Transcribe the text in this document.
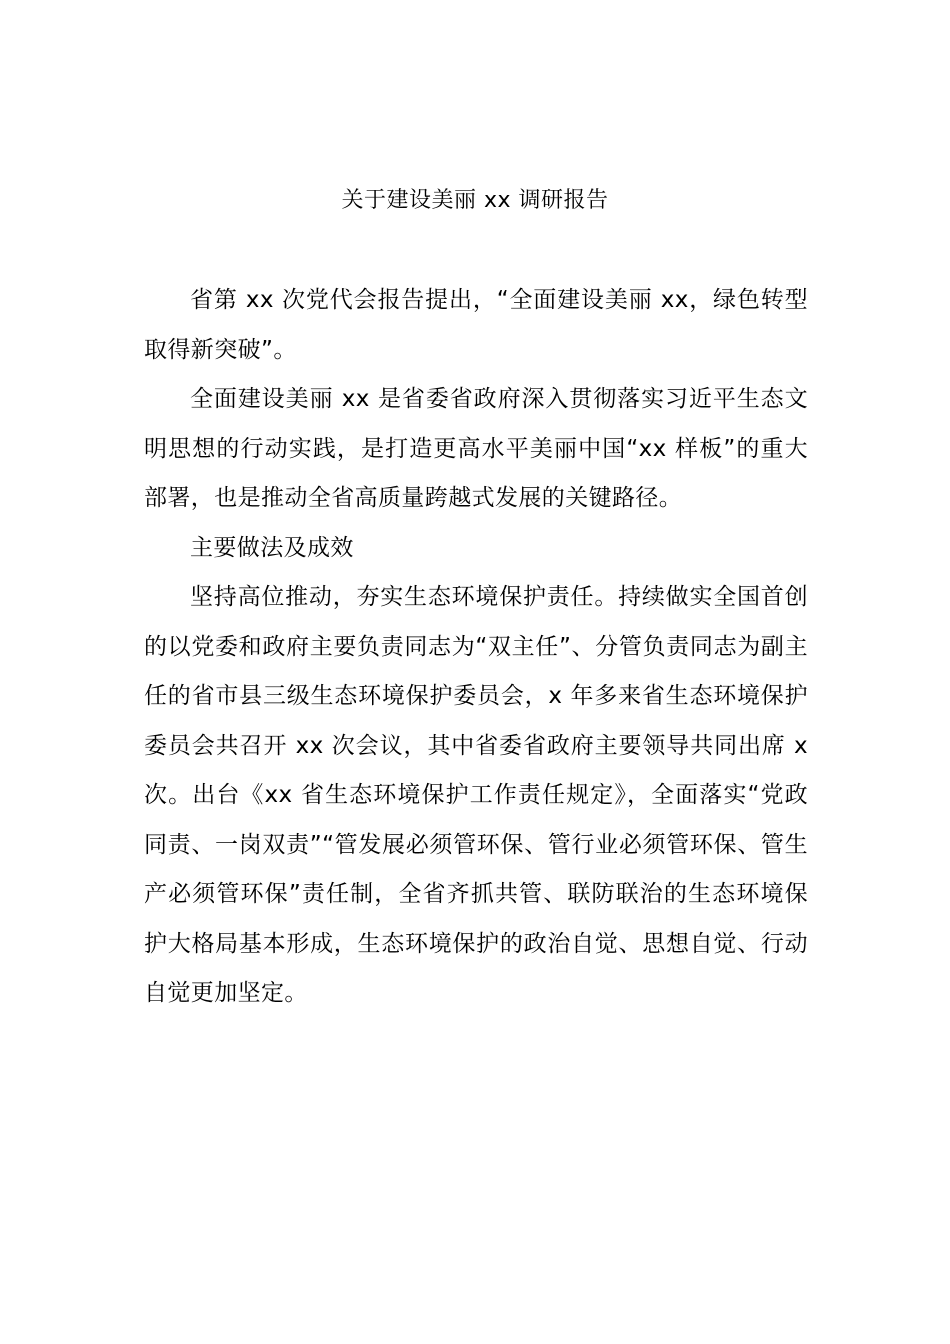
关于建设美丽 xx 调研报告

省第 xx 次党代会报告提出，“全面建设美丽 xx，绿色转型取得新突破”。

全面建设美丽 xx 是省委省政府深入贯彻落实习近平生态文明思想的行动实践，是打造更高水平美丽中国“xx 样板”的重大部署，也是推动全省高质量跨越式发展的关键路径。

主要做法及成效

坚持高位推动，夯实生态环境保护责任。持续做实全国首创的以党委和政府主要负责同志为“双主任”、分管负责同志为副主任的省市县三级生态环境保护委员会，x 年多来省生态环境保护委员会共召开 xx 次会议，其中省委省政府主要领导共同出席 x 次。出台《xx 省生态环境保护工作责任规定》，全面落实“党政同责、一岗双责”“管发展必须管环保、管行业必须管环保、管生产必须管环保”责任制，全省齐抓共管、联防联治的生态环境保护大格局基本形成，生态环境保护的政治自觉、思想自觉、行动自觉更加坚定。
